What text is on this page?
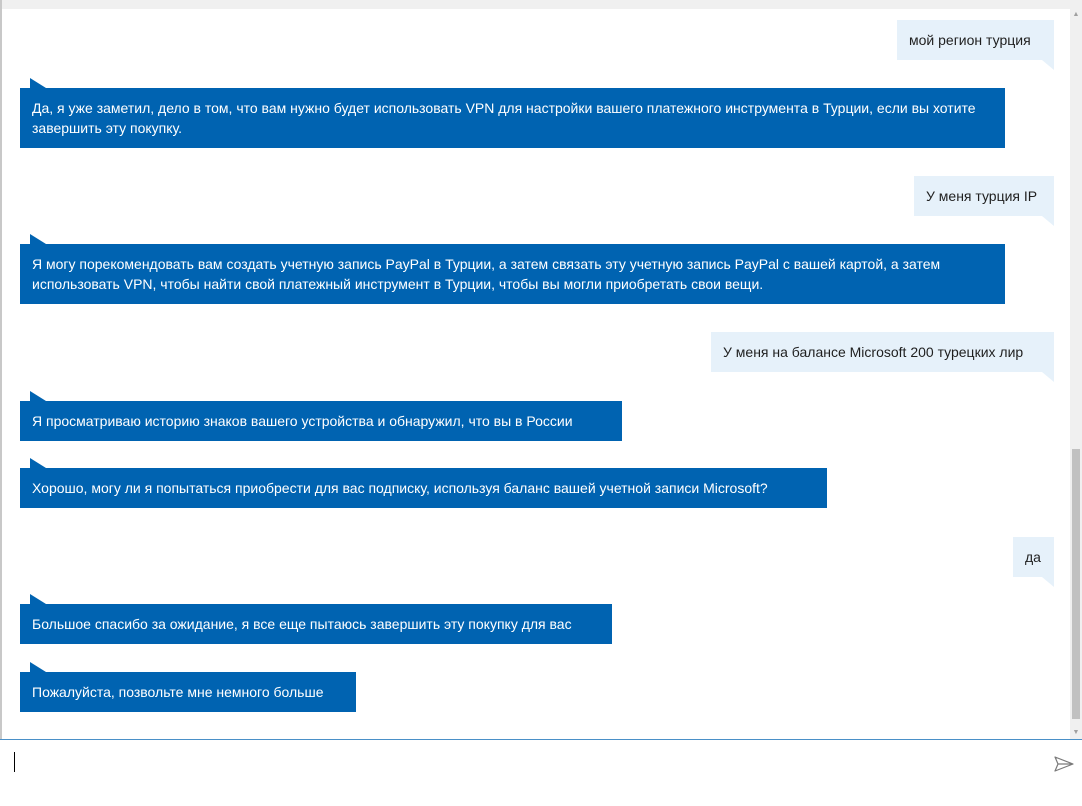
мой регион турция
Да, я уже заметил, дело в том, что вам нужно будет использовать VPN для настройки вашего платежного инструмента в Турции, если вы хотите завершить эту покупку.
У меня турция IP
Я могу порекомендовать вам создать учетную запись PayPal в Турции, а затем связать эту учетную запись PayPal с вашей картой, а затем использовать VPN, чтобы найти свой платежный инструмент в Турции, чтобы вы могли приобретать свои вещи.
У меня на балансе Microsoft 200 турецких лир
Я просматриваю историю знаков вашего устройства и обнаружил, что вы в России
Хорошо, могу ли я попытаться приобрести для вас подписку, используя баланс вашей учетной записи Microsoft?
да
Большое спасибо за ожидание, я все еще пытаюсь завершить эту покупку для вас
Пожалуйста, позвольте мне немного больше
▲
▼
